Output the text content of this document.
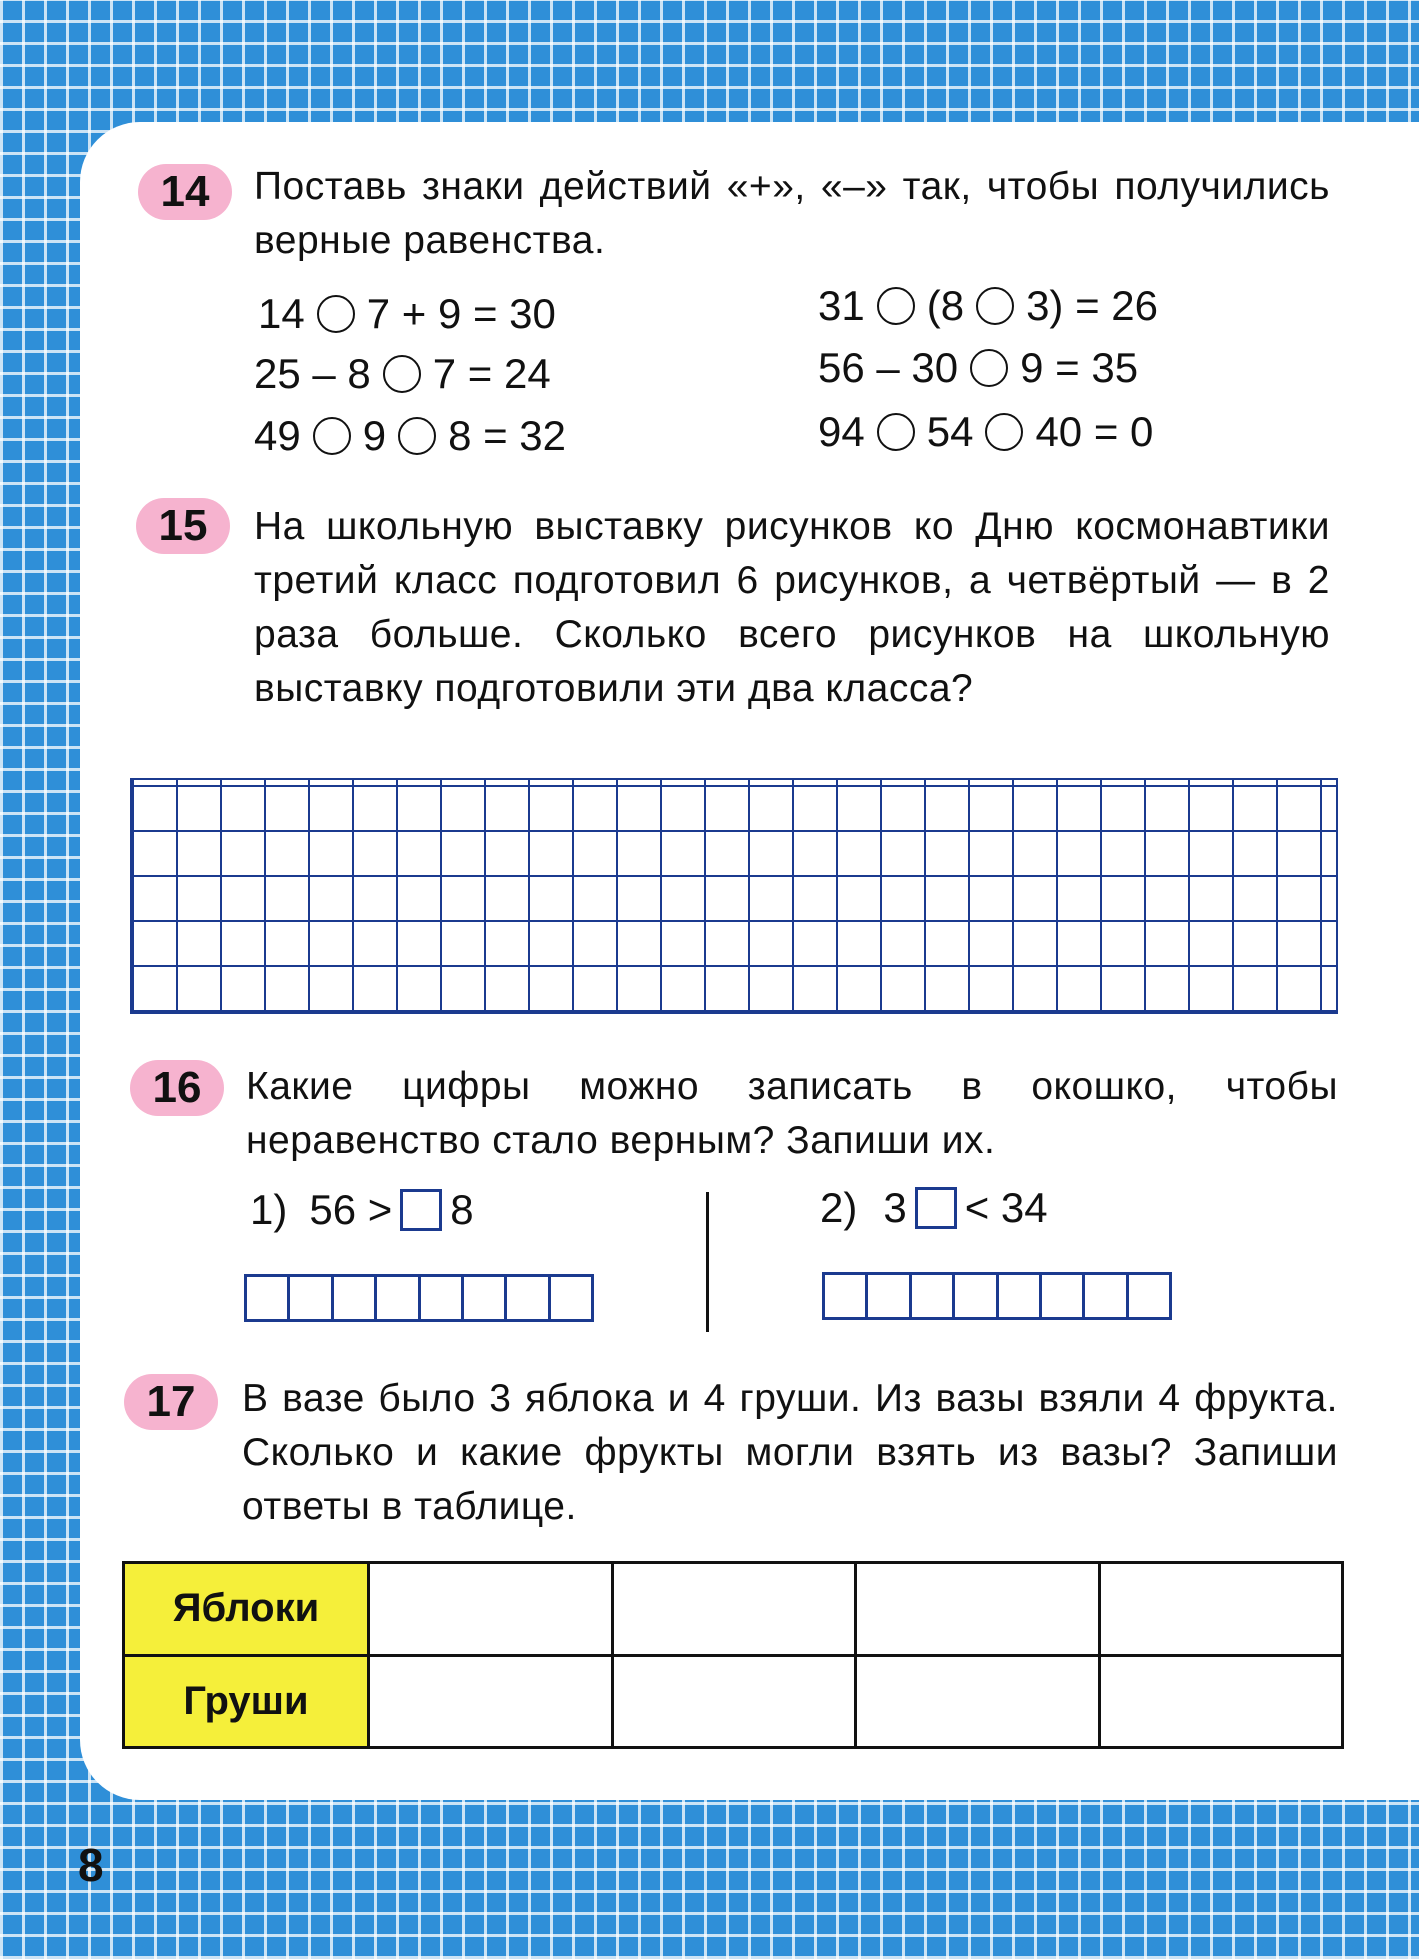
8
14	Поставь знаки действий «+», «–» так, чтобы получились верные равенства.
14 7 + 9 = 30
25 – 8 7 = 24
49 9 8 = 32
31 (8 3) = 26
56 – 30 9 = 35
94 54 40 = 0
15	На школьную выставку рисунков ко Дню космонавтики третий класс подготовил 6 рисунков, а четвёртый — в 2 раза больше. Сколько всего рисунков на школьную выставку подготовили эти два класса?
16	Какие цифры можно записать в окошко, чтобы неравенство стало верным? Запиши их.
1) 56 > 8	2) 3 < 34
17	В вазе было 3 яблока и 4 груши. Из вазы взяли 4 фрукта. Сколько и какие фрукты могли взять из вазы? Запиши ответы в таблице.
Яблоки				
Груши				
